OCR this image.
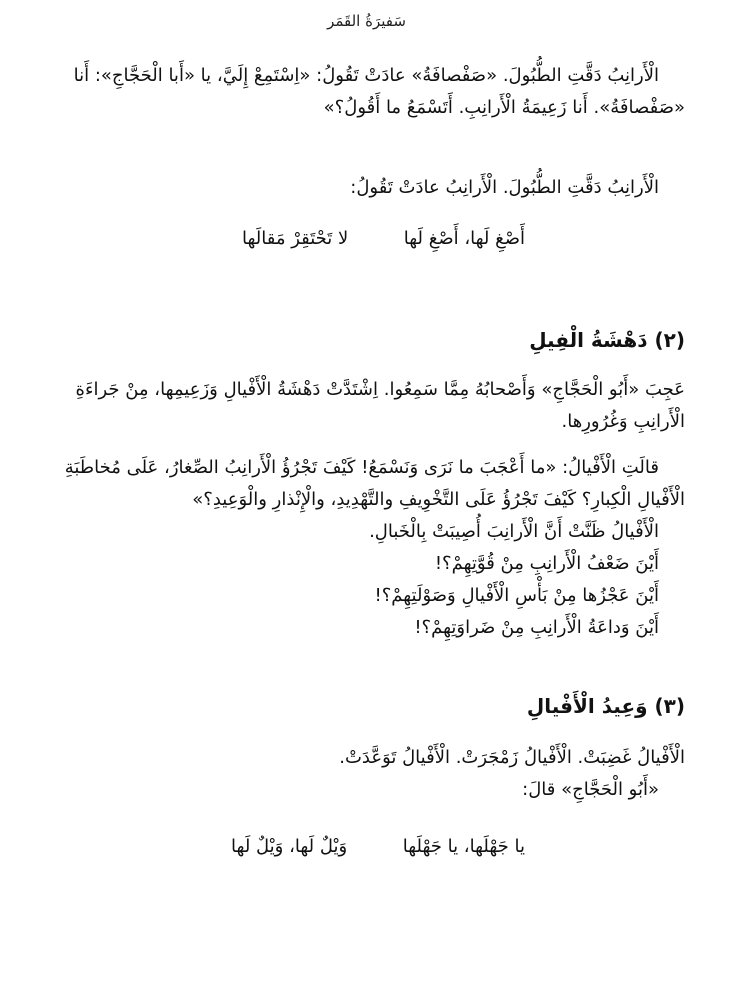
سَفيرَةُ القَمَر
الْأَرانِبُ دَقَّتِ الطُّبُولَ. «صَفْصافَةُ» عادَتْ تَقُولُ: «اِسْتَمِعْ إِلَيَّ، يا «أَبا الْحَجَّاجِ»: أَنا
«صَفْصافَةُ». أَنا زَعِيمَةُ الْأَرانِبِ. أَتَسْمَعُ ما أَقُولُ؟»
الْأَرانِبُ دَقَّتِ الطُّبُولَ. الْأَرانِبُ عادَتْ تَقُولُ:
أَصْغِ لَها، أَصْغِ لَها  لا تَحْتَقِرْ مَقالَها
(٢) دَهْشَةُ الْفِيلِ
عَجِبَ «أَبُو الْحَجَّاجِ» وَأَصْحابُهُ مِمَّا سَمِعُوا. اِشْتَدَّتْ دَهْشَةُ الْأَفْيالِ وَزَعِيمِها، مِنْ جَراءَةِ
الْأَرانِبِ وَغُرُورِها.
قالَتِ الْأَفْيالُ: «ما أَعْجَبَ ما نَرَى وَنَسْمَعُ! كَيْفَ تَجْرُؤُ الْأَرانِبُ الصِّغارُ، عَلَى مُخاطَبَةِ
الْأَفْيالِ الْكِبارِ؟ كَيْفَ تَجْرُؤُ عَلَى التَّخْوِيفِ والتَّهْدِيدِ، والْإِنْذارِ والْوَعِيدِ؟»
الْأَفْيالُ ظَنَّتْ أَنَّ الْأَرانِبَ أُصِيبَتْ بِالْخَبالِ.
أَيْنَ ضَعْفُ الْأَرانِبِ مِنْ قُوَّتِهِمْ؟!
أَيْنَ عَجْزُها مِنْ بَأْسِ الْأَفْيالِ وَصَوْلَتِهِمْ؟!
أَيْنَ وَداعَةُ الْأَرانِبِ مِنْ ضَراوَتِهِمْ؟!
(٣) وَعِيدُ الْأَفْيالِ
الْأَفْيالُ غَضِبَتْ. الْأَفْيالُ زَمْجَرَتْ. الْأَفْيالُ تَوَعَّدَتْ.
«أَبُو الْحَجَّاجِ» قالَ:
يا جَهْلَها، يا جَهْلَها  وَيْلٌ لَها، وَيْلٌ لَها
